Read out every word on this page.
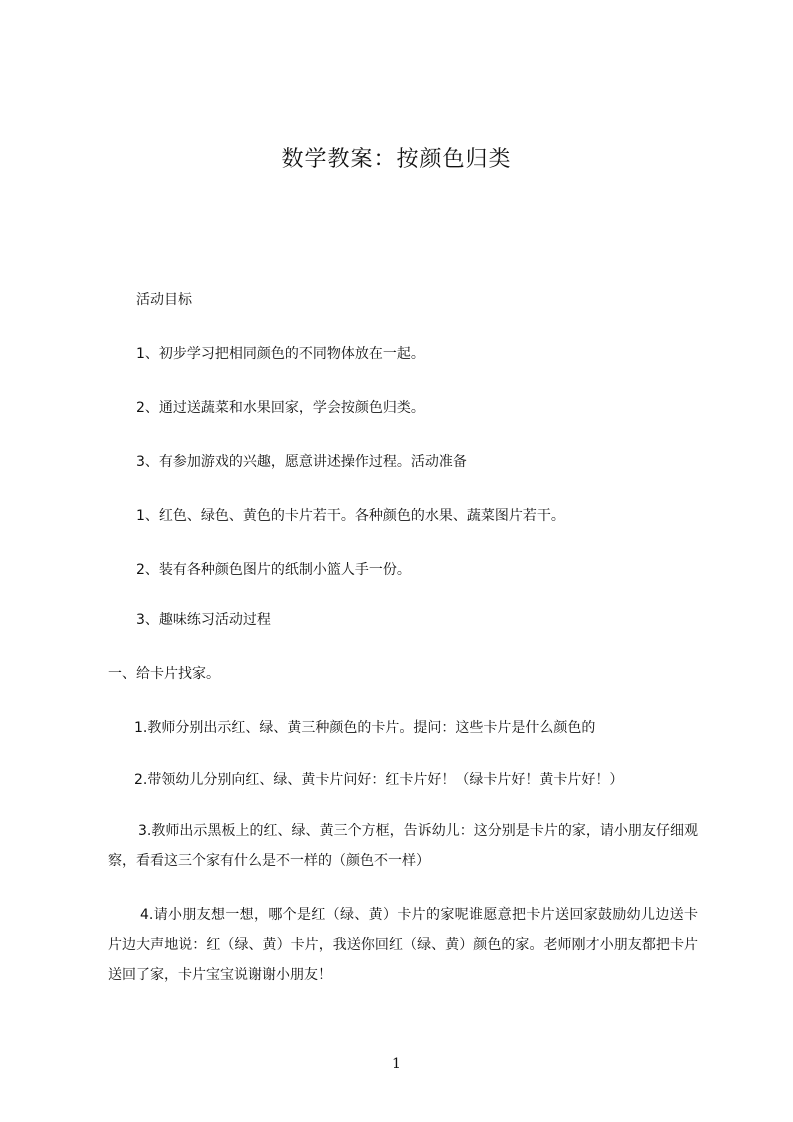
数学教案：按颜色归类
活动目标
1、初步学习把相同颜色的不同物体放在一起。
2、通过送蔬菜和水果回家，学会按颜色归类。
3、有参加游戏的兴趣，愿意讲述操作过程。活动准备
1、红色、绿色、黄色的卡片若干。各种颜色的水果、蔬菜图片若干。
2、装有各种颜色图片的纸制小篮人手一份。
3、趣味练习活动过程
一、给卡片找家。
1.教师分别出示红、绿、黄三种颜色的卡片。提问：这些卡片是什么颜色的
2.带领幼儿分别向红、绿、黄卡片问好：红卡片好！（绿卡片好！黄卡片好！）
3.教师出示黑板上的红、绿、黄三个方框，告诉幼儿：这分别是卡片的家，请小朋友仔细观察，看看这三个家有什么是不一样的（颜色不一样）
4.请小朋友想一想，哪个是红（绿、黄）卡片的家呢谁愿意把卡片送回家鼓励幼儿边送卡片边大声地说：红（绿、黄）卡片，我送你回红（绿、黄）颜色的家。老师刚才小朋友都把卡片送回了家，卡片宝宝说谢谢小朋友！
1
